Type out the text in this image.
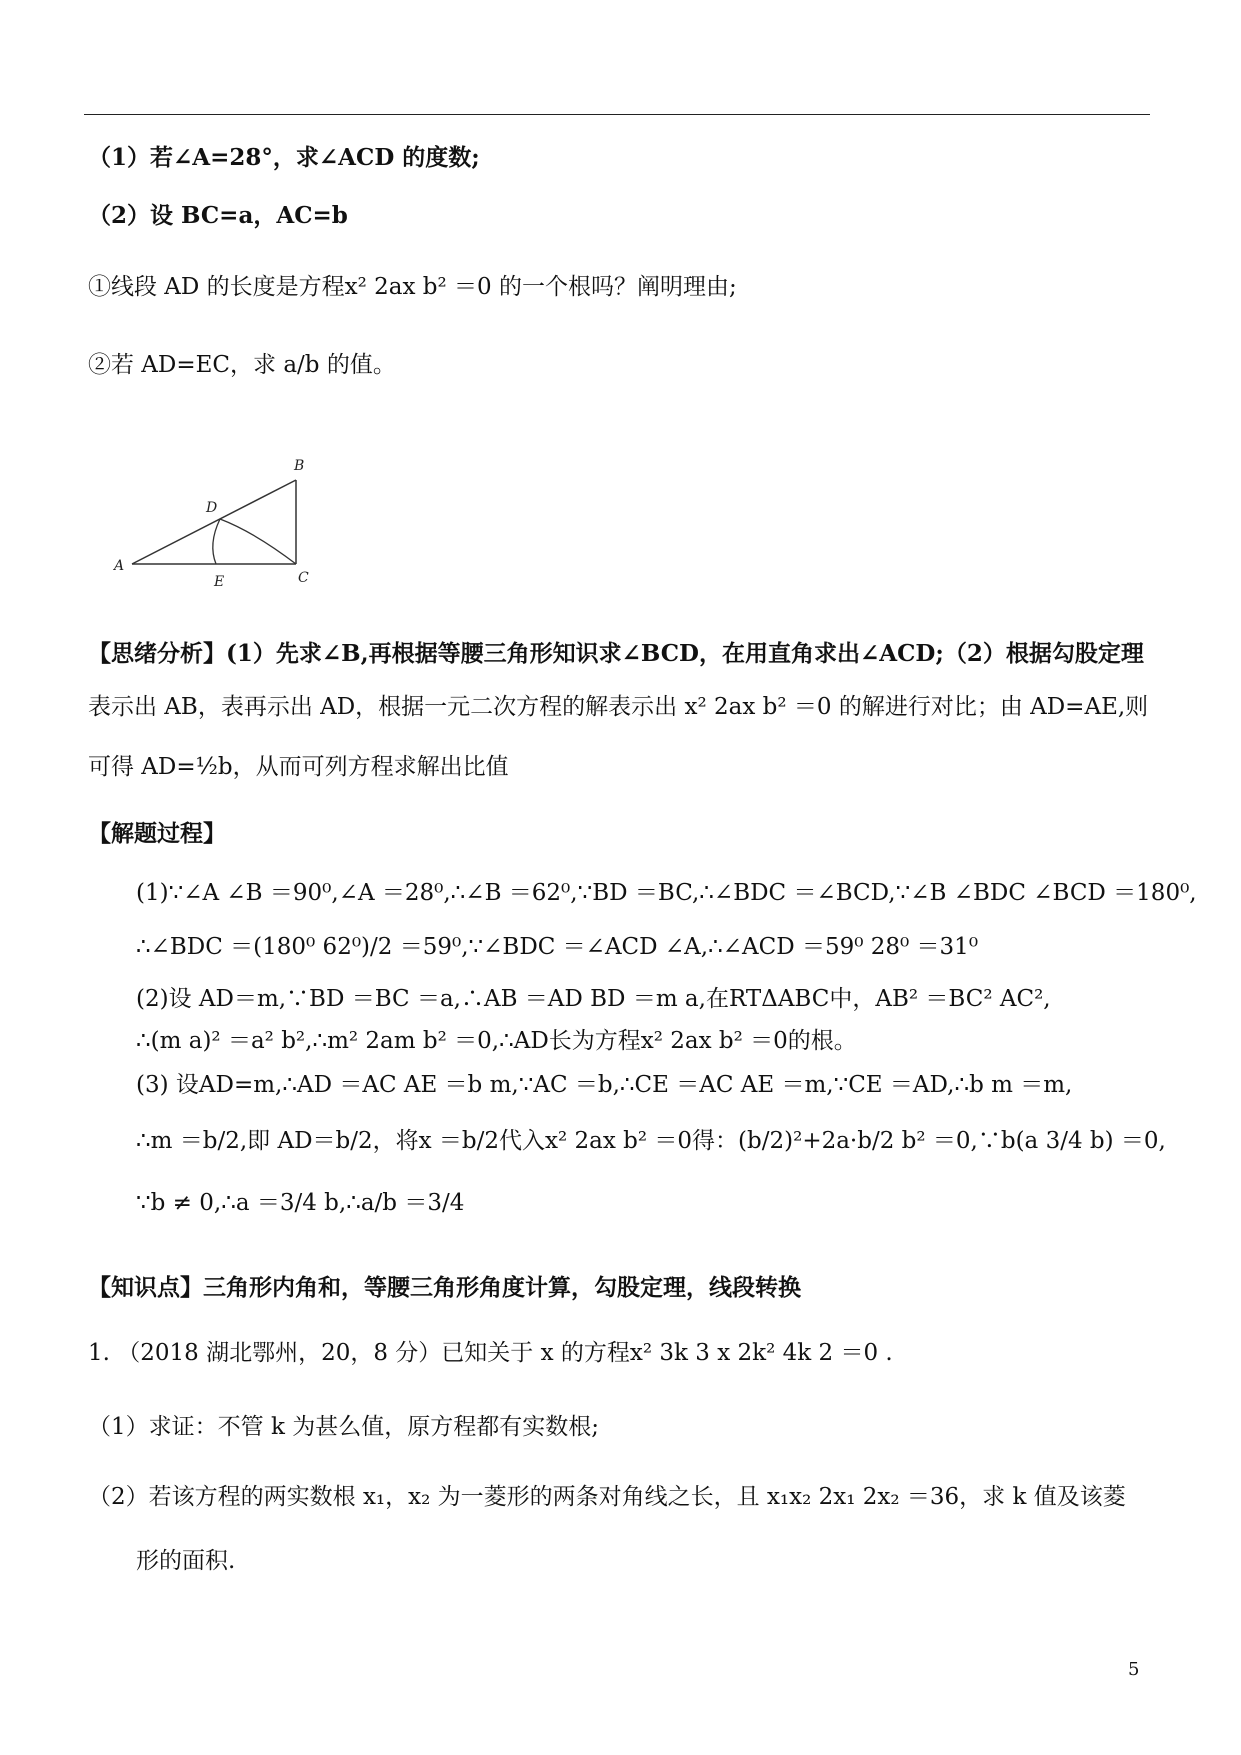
（1）若∠A=28°，求∠ACD 的度数;
（2）设 BC=a，AC=b
①线段 AD 的长度是方程x² 2ax b² ＝0 的一个根吗？阐明理由;
②若 AD=EC，求 a/b 的值。
A
B
C
D
E
【思绪分析】(1）先求∠B,再根据等腰三角形知识求∠BCD，在用直角求出∠ACD;（2）根据勾股定理
表示出 AB，表再示出 AD，根据一元二次方程的解表示出 x² 2ax b² ＝0 的解进行对比；由 AD=AE,则
可得 AD=½b，从而可列方程求解出比值
【解题过程】
(1)∵∠A ∠B ＝90⁰,∠A ＝28⁰,∴∠B ＝62⁰,∵BD ＝BC,∴∠BDC ＝∠BCD,∵∠B ∠BDC ∠BCD ＝180⁰,
∴∠BDC ＝(180⁰ 62⁰)/2 ＝59⁰,∵∠BDC ＝∠ACD ∠A,∴∠ACD ＝59⁰ 28⁰ ＝31⁰
(2)设 AD＝m,∵BD ＝BC ＝a,∴AB ＝AD BD ＝m a,在RTΔABC中，AB² ＝BC² AC²,
∴(m a)² ＝a² b²,∴m² 2am b² ＝0,∴AD长为方程x² 2ax b² ＝0的根。
(3) 设AD=m,∴AD ＝AC AE ＝b m,∵AC ＝b,∴CE ＝AC AE ＝m,∵CE ＝AD,∴b m ＝m,
∴m ＝b/2,即 AD＝b/2，将x ＝b/2代入x² 2ax b² ＝0得：(b/2)²+2a·b/2 b² ＝0,∵b(a 3/4 b) ＝0,
∵b ≠ 0,∴a ＝3/4 b,∴a/b ＝3/4
【知识点】三角形内角和，等腰三角形角度计算，勾股定理，线段转换
1. （2018 湖北鄂州，20，8 分）已知关于 x 的方程x² 3k 3 x 2k² 4k 2 ＝0 .
（1）求证：不管 k 为甚么值，原方程都有实数根;
（2）若该方程的两实数根 x₁，x₂ 为一菱形的两条对角线之长，且 x₁x₂ 2x₁ 2x₂ ＝36，求 k 值及该菱
形的面积.
5
